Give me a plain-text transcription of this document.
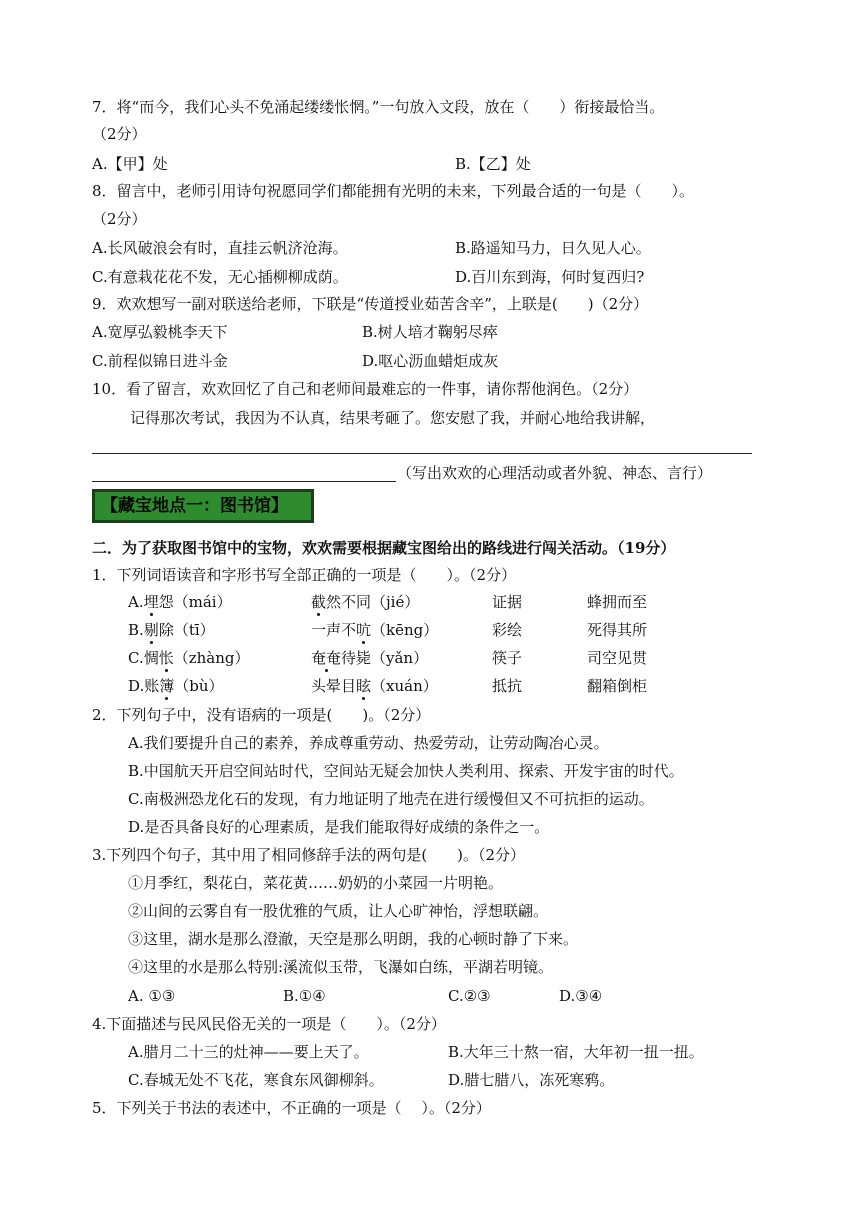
7．将“而今，我们心头不免涌起缕缕怅惘。”一句放入文段，放在（　　）衔接最恰当。
（2分）
A.【甲】处	B.【乙】处
8．留言中，老师引用诗句祝愿同学们都能拥有光明的未来，下列最合适的一句是（　　）。
（2分）
A.长风破浪会有时，直挂云帆济沧海。	B.路遥知马力，日久见人心。
C.有意栽花花不发，无心插柳柳成荫。	D.百川东到海，何时复西归?
9．欢欢想写一副对联送给老师，下联是“传道授业茹苦含辛”，上联是(　　)（2分）
A.宽厚弘毅桃李天下	B.树人培才鞠躬尽瘁
C.前程似锦日进斗金	D.呕心沥血蜡炬成灰
10．看了留言，欢欢回忆了自己和老师间最难忘的一件事，请你帮他润色。（2分）
记得那次考试，我因为不认真，结果考砸了。您安慰了我，并耐心地给我讲解，
（写出欢欢的心理活动或者外貌、神态、言行）
【藏宝地点一：图书馆】
二．为了获取图书馆中的宝物，欢欢需要根据藏宝图给出的路线进行闯关活动。（19分）
1．下列词语读音和字形书写全部正确的一项是（　　）。（2分）
A.埋怨（mái）	截然不同（jié）	证据	蜂拥而至
B.剔除（tī）	一声不吭（kēng）	彩绘	死得其所
C.惆怅（zhàng）	奄奄待毙（yǎn）	筷子	司空见贯
D.账簿（bù）	头晕目眩（xuán）	抵抗	翻箱倒柜
2．下列句子中，没有语病的一项是(　　)。（2分）
A.我们要提升自己的素养，养成尊重劳动、热爱劳动，让劳动陶冶心灵。
B.中国航天开启空间站时代，空间站无疑会加快人类利用、探索、开发宇宙的时代。
C.南极洲恐龙化石的发现，有力地证明了地壳在进行缓慢但又不可抗拒的运动。
D.是否具备良好的心理素质，是我们能取得好成绩的条件之一。
3.下列四个句子，其中用了相同修辞手法的两句是(　　)。（2分）
①月季红，梨花白，菜花黄……奶奶的小菜园一片明艳。
②山间的云雾自有一股优雅的气质，让人心旷神怡，浮想联翩。
③这里，湖水是那么澄澈，天空是那么明朗，我的心顿时静了下来。
④这里的水是那么特别:溪流似玉带，飞瀑如白练，平湖若明镜。
A. ①③	B.①④	C.②③	D.③④
4.下面描述与民风民俗无关的一项是（　　）。（2分）
A.腊月二十三的灶神——要上天了。	B.大年三十熬一宿，大年初一扭一扭。
C.春城无处不飞花，寒食东风御柳斜。	D.腊七腊八，冻死寒鸦。
5．下列关于书法的表述中，不正确的一项是（　 ）。（2分）
